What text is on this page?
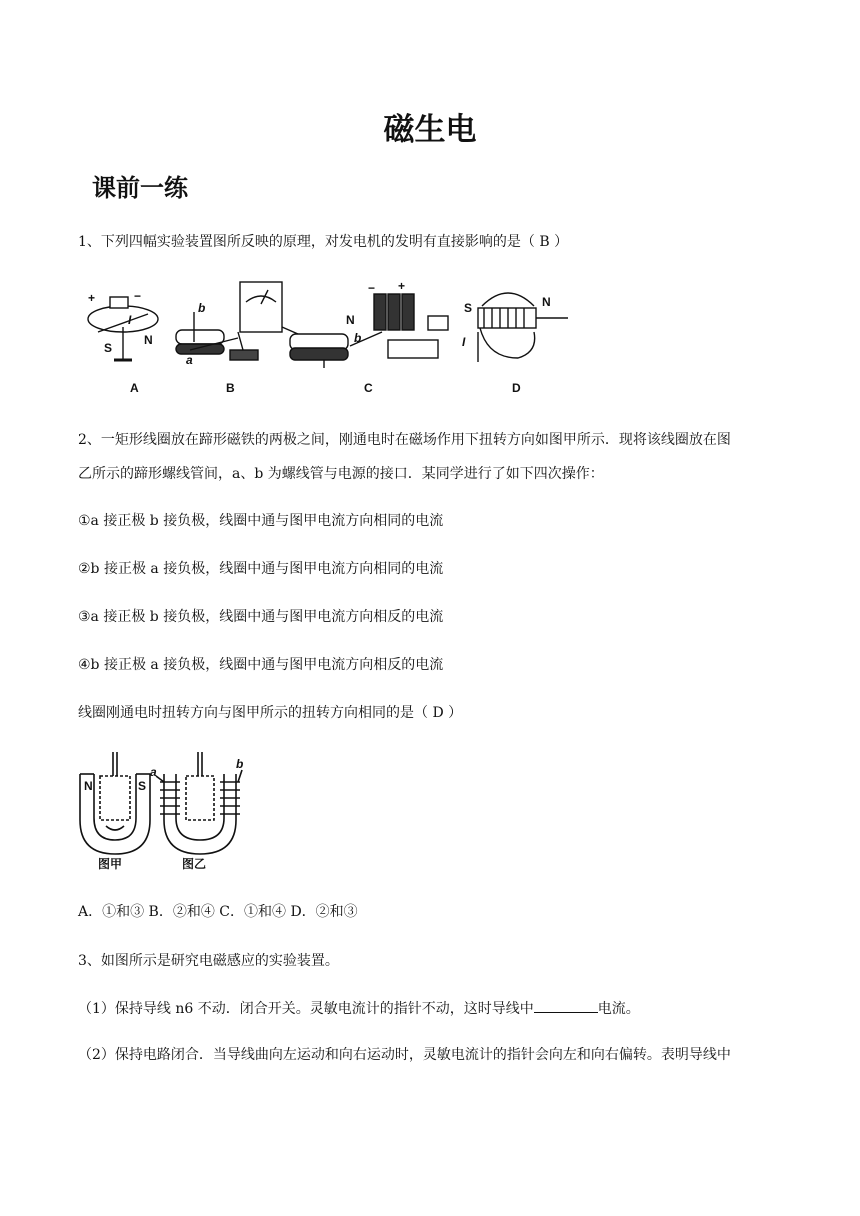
磁生电
课前一练
1、下列四幅实验装置图所反映的原理，对发电机的发明有直接影响的是（ B ）
+	−
I
S
N
b
a
N
b
− +
S	N
I
A	B	C	D
2、一矩形线圈放在蹄形磁铁的两极之间，刚通电时在磁场作用下扭转方向如图甲所示．现将该线圈放在图
乙所示的蹄形螺线管间，a、b 为螺线管与电源的接口．某同学进行了如下四次操作：
①a 接正极 b 接负极，线圈中通与图甲电流方向相同的电流
②b 接正极 a 接负极，线圈中通与图甲电流方向相同的电流
③a 接正极 b 接负极，线圈中通与图甲电流方向相反的电流
④b 接正极 a 接负极，线圈中通与图甲电流方向相反的电流
线圈刚通电时扭转方向与图甲所示的扭转方向相同的是（ D ）
N	S
a
b
图甲	图乙
A．①和③ B．②和④ C．①和④ D．②和③
3、如图所示是研究电磁感应的实验装置。
（1）保持导线 n6 不动．闭合开关。灵敏电流计的指针不动，这时导线中	电流。
（2）保持电路闭合．当导线曲向左运动和向右运动时，灵敏电流计的指针会向左和向右偏转。表明导线中
